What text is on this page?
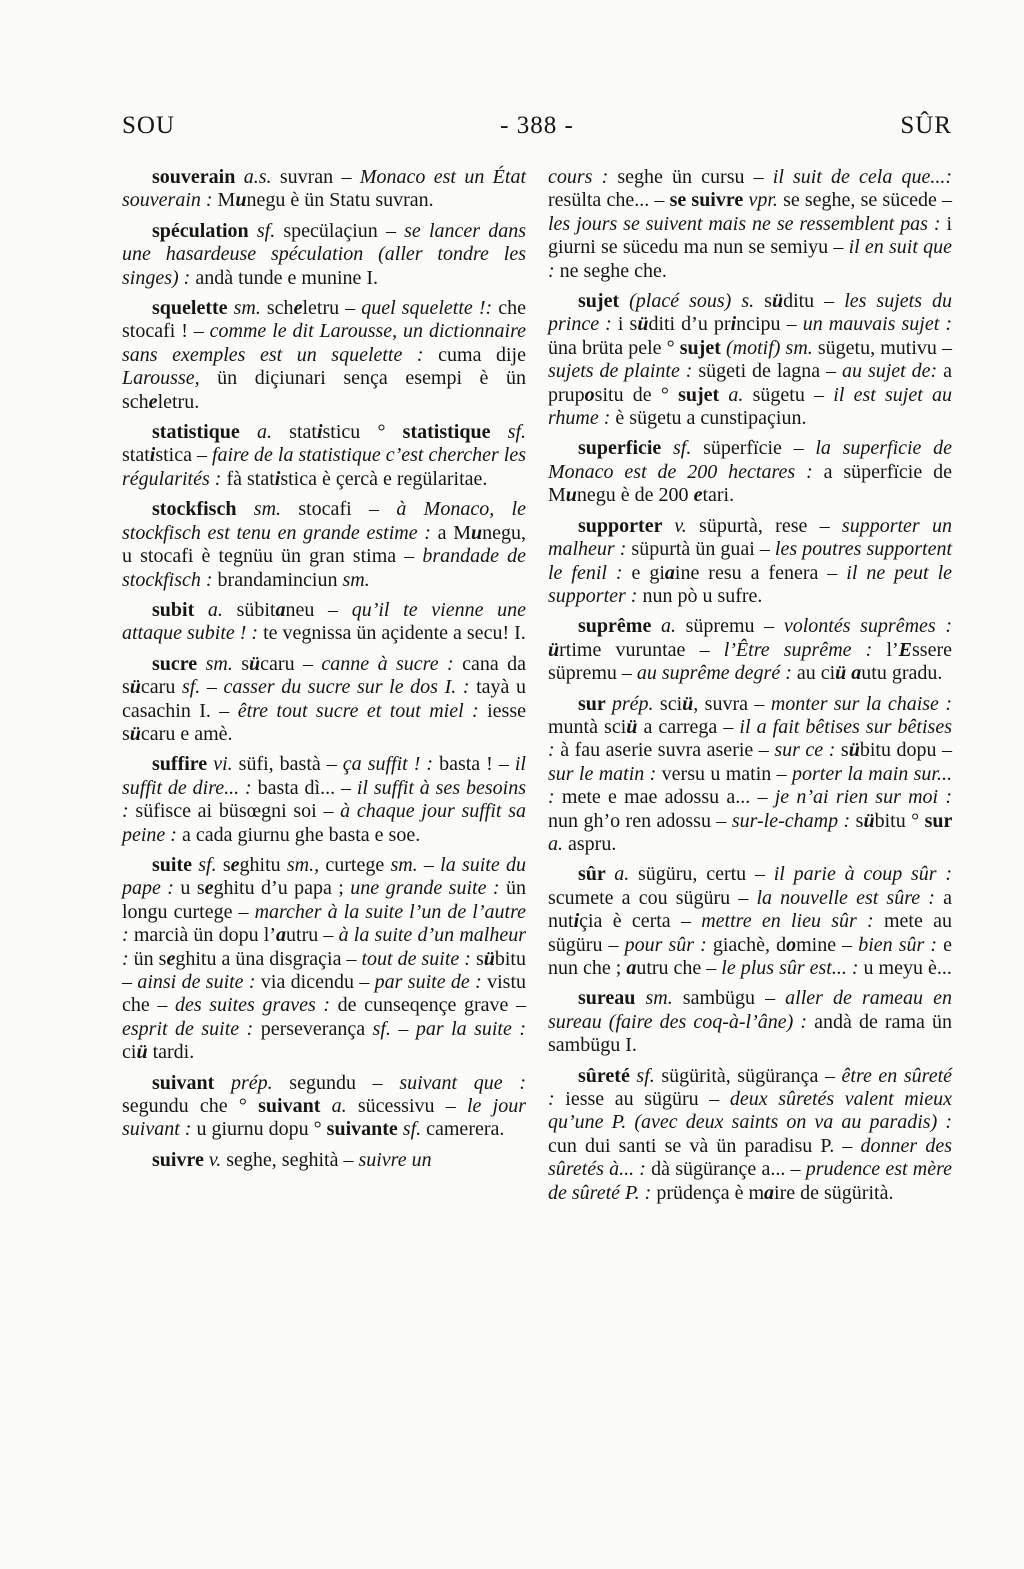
SOU	- 388 -	SÛR

souverain a.s. suvran – Monaco est un État souverain : Munegu è ün Statu suvran.

spéculation sf. specülaçiun – se lancer dans une hasardeuse spéculation (aller tondre les singes) : andà tunde e munine I.

squelette sm. scheletru – quel squelette !: che stocafi ! – comme le dit Larousse, un dictionnaire sans exemples est un squelette : cuma dije Larousse, ün diçiunari sença esempi è ün scheletru.

statistique a. statisticu ° statistique sf. statistica – faire de la statistique c’est chercher les régularités : fà statistica è çercà e regülaritae.

stockfisch sm. stocafi – à Monaco, le stockfisch est tenu en grande estime : a Munegu, u stocafi è tegnüu ün gran stima – brandade de stockfisch : brandaminciun sm.

subit a. sübitaneu – qu’il te vienne une attaque subite ! : te vegnissa ün açidente a secu! I.

sucre sm. sücaru – canne à sucre : cana da sücaru sf. – casser du sucre sur le dos I. : tayà u casachin I. – être tout sucre et tout miel : iesse sücaru e amè.

suffire vi. süfi, bastà – ça suffit ! : basta ! – il suffit de dire... : basta dì... – il suffit à ses besoins : süfisce ai büsœgni soi – à chaque jour suffit sa peine : a cada giurnu ghe basta e soe.

suite sf. seghitu sm., curtege sm. – la suite du pape : u seghitu d’u papa ; une grande suite : ün longu curtege – marcher à la suite l’un de l’autre : marcià ün dopu l’autru – à la suite d’un malheur : ün seghitu a üna disgraçia – tout de suite : sübitu – ainsi de suite : via dicendu – par suite de : vistu che – des suites graves : de cunseqençe grave – esprit de suite : perseverança sf. – par la suite : ciü tardi.

suivant prép. segundu – suivant que : segundu che ° suivant a. sücessivu – le jour suivant : u giurnu dopu ° suivante sf. camerera.

suivre v. seghe, seghità – suivre un

cours : seghe ün cursu – il suit de cela que...: resülta che... – se suivre vpr. se seghe, se sücede – les jours se suivent mais ne se ressemblent pas : i giurni se sücedu ma nun se semiyu – il en suit que : ne seghe che.

sujet (placé sous) s. süditu – les sujets du prince : i süditi d’u principu – un mauvais sujet : üna brüta pele ° sujet (motif) sm. sügetu, mutivu – sujets de plainte : sügeti de lagna – au sujet de: a prupositu de ° sujet a. sügetu – il est sujet au rhume : è sügetu a cunstipaçiun.

superficie sf. süperfïcie – la superficie de Monaco est de 200 hectares : a süperfïcie de Munegu è de 200 etari.

supporter v. süpurtà, rese – supporter un malheur : süpurtà ün guai – les poutres supportent le fenil : e giaine resu a fenera – il ne peut le supporter : nun pò u sufre.

suprême a. süpremu – volontés suprêmes : ürtime vuruntae – l’Être suprême : l’Essere süpremu – au suprême degré : au ciü autu gradu.

sur prép. sciü, suvra – monter sur la chaise : muntà sciü a carrega – il a fait bêtises sur bêtises : à fau aserie suvra aserie – sur ce : sübitu dopu – sur le matin : versu u matin – porter la main sur... : mete e mae adossu a... – je n’ai rien sur moi : nun gh’o ren adossu – sur-le-champ : sübitu ° sur a. aspru.

sûr a. sügüru, certu – il parie à coup sûr : scumete a cou sügüru – la nouvelle est sûre : a nutiçia è certa – mettre en lieu sûr : mete au sügüru – pour sûr : giachè, domine – bien sûr : e nun che ; autru che – le plus sûr est... : u meyu è...

sureau sm. sambügu – aller de rameau en sureau (faire des coq-à-l’âne) : andà de rama ün sambügu I.

sûreté sf. sügürità, sügürança – être en sûreté : iesse au sügüru – deux sûretés valent mieux qu’une P. (avec deux saints on va au paradis) : cun dui santi se và ün paradisu P. – donner des sûretés à... : dà sügürançe a... – prudence est mère de sûreté P. : prüdença è maire de sügürità.
